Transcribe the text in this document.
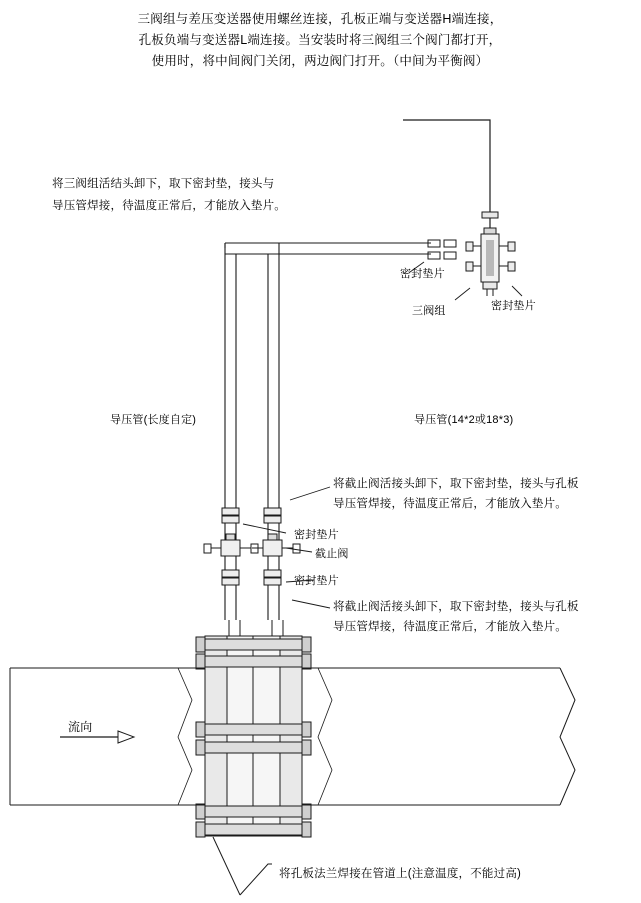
三阀组与差压变送器使用螺丝连接，孔板正端与变送器H端连接，
孔板负端与变送器L端连接。当安装时将三阀组三个阀门都打开，
使用时，将中间阀门关闭，两边阀门打开。（中间为平衡阀）
将三阀组活结头卸下，取下密封垫，接头与
导压管焊接，待温度正常后，才能放入垫片。
密封垫片
三阀组	密封垫片
导压管(长度自定)	导压管(14*2或18*3)
将截止阀活接头卸下，取下密封垫，接头与孔板
导压管焊接，待温度正常后，才能放入垫片。
密封垫片
截止阀
密封垫片
将截止阀活接头卸下，取下密封垫，接头与孔板
导压管焊接，待温度正常后，才能放入垫片。
流向
将孔板法兰焊接在管道上(注意温度，不能过高)
